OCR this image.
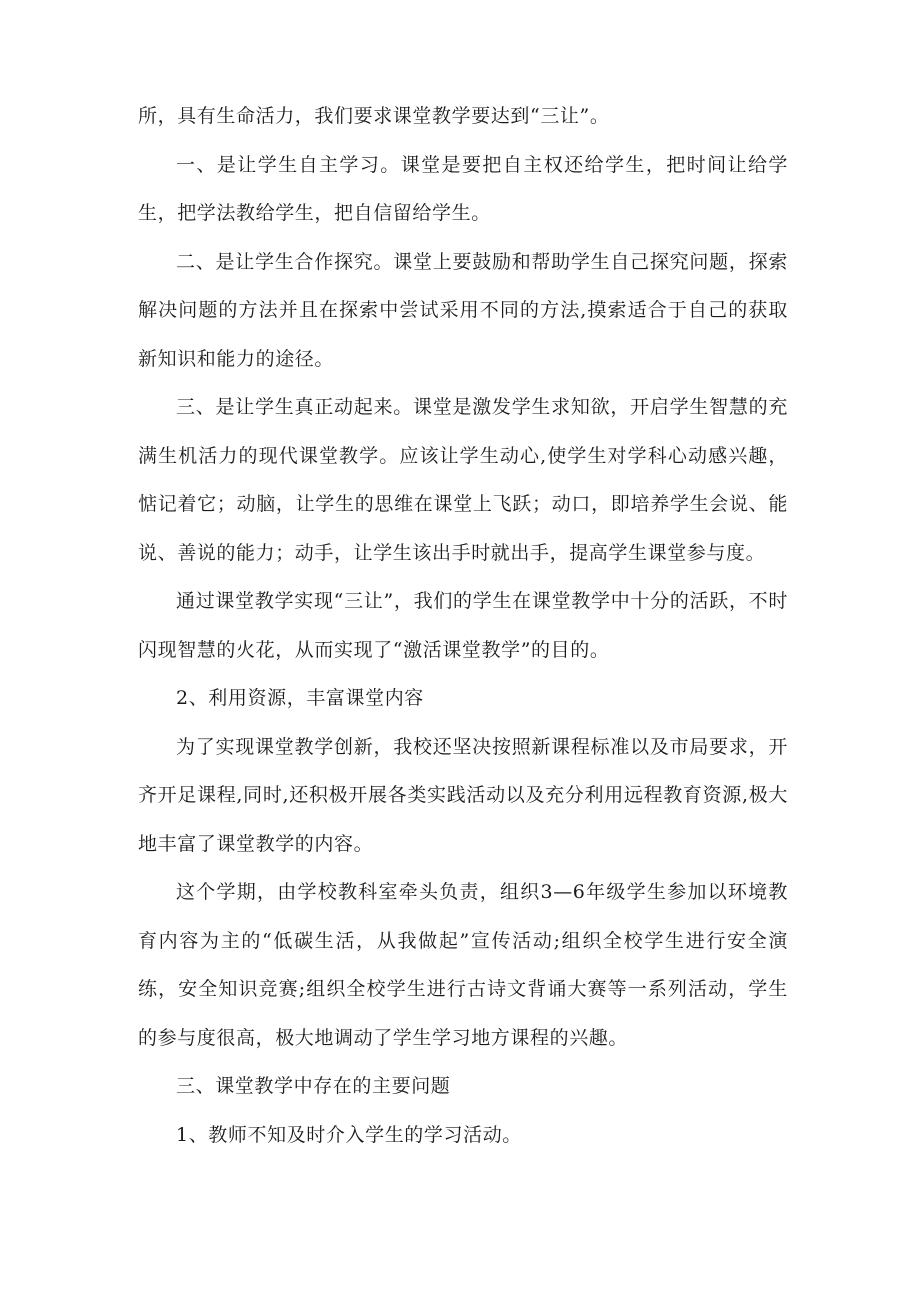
所，具有生命活力，我们要求课堂教学要达到“三让”。

一、是让学生自主学习。课堂是要把自主权还给学生，把时间让给学生，把学法教给学生，把自信留给学生。

二、是让学生合作探究。课堂上要鼓励和帮助学生自己探究问题，探索解决问题的方法并且在探索中尝试采用不同的方法,摸索适合于自己的获取新知识和能力的途径。

三、是让学生真正动起来。课堂是激发学生求知欲，开启学生智慧的充满生机活力的现代课堂教学。应该让学生动心,使学生对学科心动感兴趣，惦记着它；动脑，让学生的思维在课堂上飞跃；动口，即培养学生会说、能说、善说的能力；动手，让学生该出手时就出手，提高学生课堂参与度。

通过课堂教学实现“三让”，我们的学生在课堂教学中十分的活跃，不时闪现智慧的火花，从而实现了“激活课堂教学”的目的。

2、利用资源，丰富课堂内容

为了实现课堂教学创新，我校还坚决按照新课程标准以及市局要求，开齐开足课程,同时,还积极开展各类实践活动以及充分利用远程教育资源,极大地丰富了课堂教学的内容。

这个学期，由学校教科室牵头负责，组织3—6年级学生参加以环境教育内容为主的“低碳生活，从我做起”宣传活动;组织全校学生进行安全演练，安全知识竞赛;组织全校学生进行古诗文背诵大赛等一系列活动，学生的参与度很高，极大地调动了学生学习地方课程的兴趣。

三、课堂教学中存在的主要问题

1、教师不知及时介入学生的学习活动。
